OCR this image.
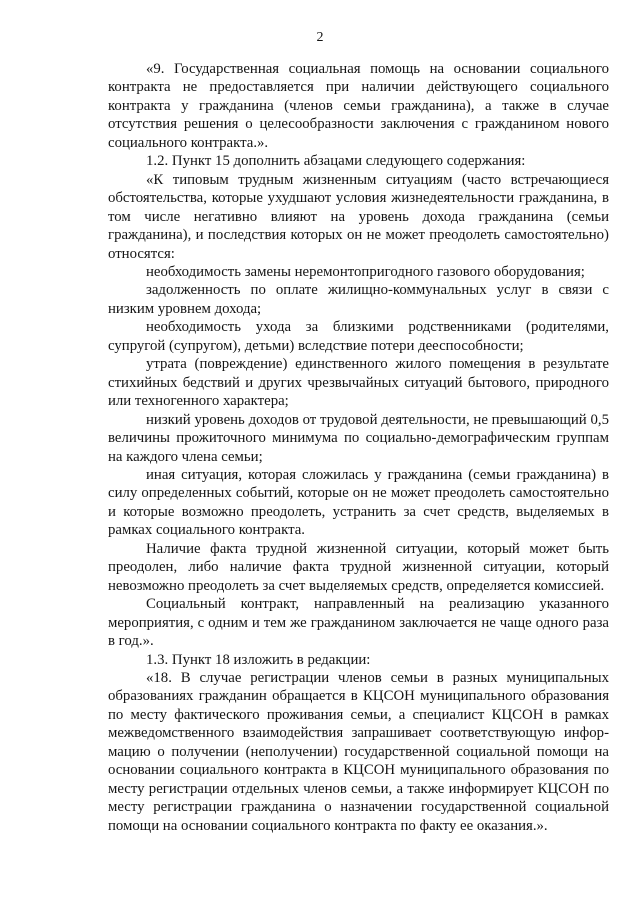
2

«9. Государственная социальная помощь на основании социального контракта не предоставляется при наличии действующего социального контракта у гражданина (членов семьи гражданина), а также в случае отсутствия решения о целесообразности заключения с гражданином нового социального контракта.».

1.2. Пункт 15 дополнить абзацами следующего содержания:

«К типовым трудным жизненным ситуациям (часто встречающиеся обстоятельства, которые ухудшают условия жизнедеятельности гражданина, в том числе негативно влияют на уровень дохода гражданина (семьи гражданина), и последствия которых он не может преодолеть самостоятельно) относятся:

необходимость замены неремонтопригодного газового оборудования;

задолженность по оплате жилищно-коммунальных услуг в связи с низким уровнем дохода;

необходимость ухода за близкими родственниками (родителями, супругой (супругом), детьми) вследствие потери дееспособности;

утрата (повреждение) единственного жилого помещения в результате стихийных бедствий и других чрезвычайных ситуаций бытового, природного или техногенного характера;

низкий уровень доходов от трудовой деятельности, не превышающий 0,5 величины прожиточного минимума по социально-демографическим группам на каждого члена семьи;

иная ситуация, которая сложилась у гражданина (семьи гражданина) в силу определенных событий, которые он не может преодолеть самостоятельно и которые возможно преодолеть, устранить за счет средств, выделяемых в рамках социального контракта.

Наличие факта трудной жизненной ситуации, который может быть преодолен, либо наличие факта трудной жизненной ситуации, который невозможно преодолеть за счет выделяемых средств, определяется комиссией.

Социальный контракт, направленный на реализацию указанного мероприятия, с одним и тем же гражданином заключается не чаще одного раза в год.».

1.3. Пункт 18 изложить в редакции:

«18. В случае регистрации членов семьи в разных муниципальных образованиях гражданин обращается в КЦСОН муниципального образования по месту фактического проживания семьи, а специалист КЦСОН в рамках межведомственного взаимодействия запрашивает соответствующую информацию о получении (неполучении) государственной социальной помощи на основании социального контракта в КЦСОН муниципального образования по месту регистрации отдельных членов семьи, а также информирует КЦСОН по месту регистрации гражданина о назначении государственной социальной помощи на основании социального контракта по факту ее оказания.».
